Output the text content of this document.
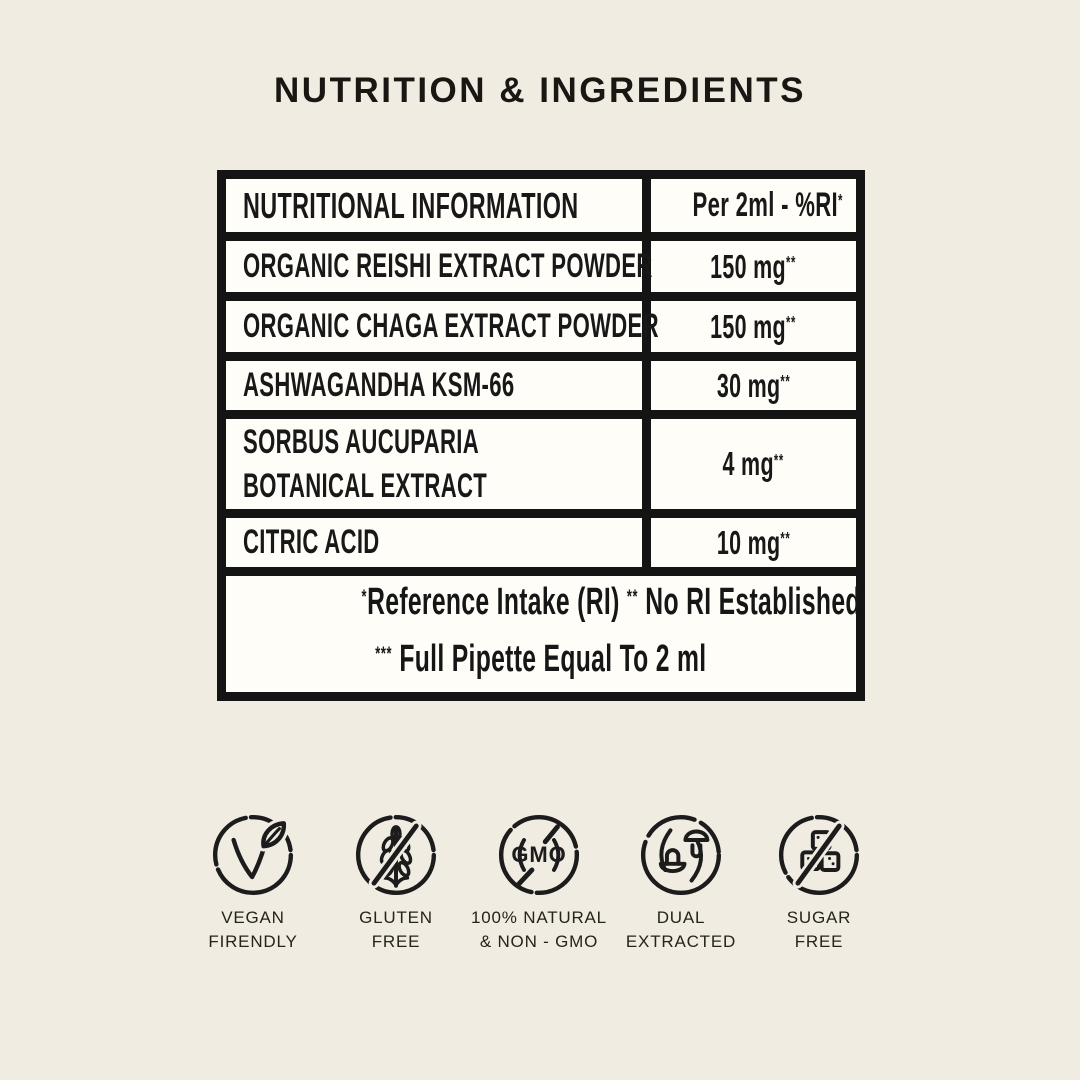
NUTRITION & INGREDIENTS
NUTRITIONAL INFORMATION	Per 2ml - %RI*
ORGANIC REISHI EXTRACT POWDER	150 mg**
ORGANIC CHAGA EXTRACT POWDER	150 mg**
ASHWAGANDHA KSM-66	30 mg**

SORBUS AUCUPARIA
BOTANICAL EXTRACT	4 mg**
CITRIC ACID	10 mg**

*Reference Intake (RI) ** No RI Established
*** Full Pipette Equal To 2 ml	
VEGAN
FIRENDLY
GLUTEN
FREE
GMO
100% NATURAL
& NON - GMO
DUAL
EXTRACTED
SUGAR
FREE
